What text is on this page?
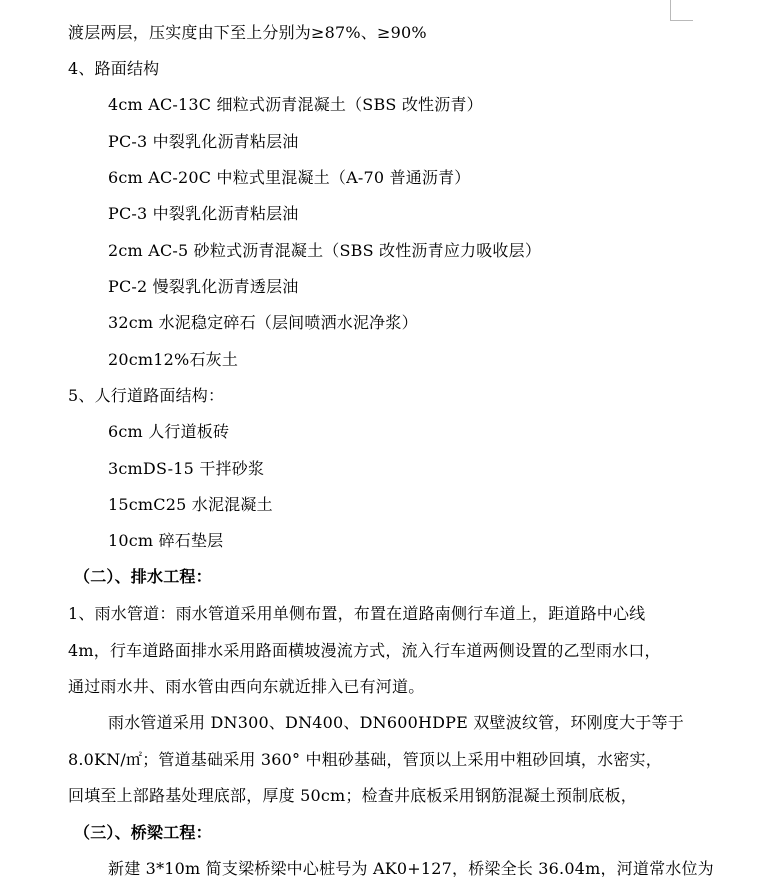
渡层两层，压实度由下至上分别为≥87%、≥90%
4、路面结构
4cm AC-13C 细粒式沥青混凝土（SBS 改性沥青）
PC-3 中裂乳化沥青粘层油
6cm AC-20C 中粒式里混凝土（A-70 普通沥青）
PC-3 中裂乳化沥青粘层油
2cm AC-5 砂粒式沥青混凝土（SBS 改性沥青应力吸收层）
PC-2 慢裂乳化沥青透层油
32cm 水泥稳定碎石（层间喷洒水泥净浆）
20cm12%石灰土
5、人行道路面结构：
6cm 人行道板砖
3cmDS-15 干拌砂浆
15cmC25 水泥混凝土
10cm 碎石垫层
（二）、排水工程：
1、雨水管道：雨水管道采用单侧布置，布置在道路南侧行车道上，距道路中心线
4m，行车道路面排水采用路面横坡漫流方式，流入行车道两侧设置的乙型雨水口，
通过雨水井、雨水管由西向东就近排入已有河道。
雨水管道采用 DN300、DN400、DN600HDPE 双壁波纹管，环刚度大于等于
8.0KN/㎡；管道基础采用 360° 中粗砂基础，管顶以上采用中粗砂回填，水密实，
回填至上部路基处理底部，厚度 50cm；检查井底板采用钢筋混凝土预制底板，
（三）、桥梁工程：
新建 3*10m 简支梁桥梁中心桩号为 AK0+127，桥梁全长 36.04m，河道常水位为
